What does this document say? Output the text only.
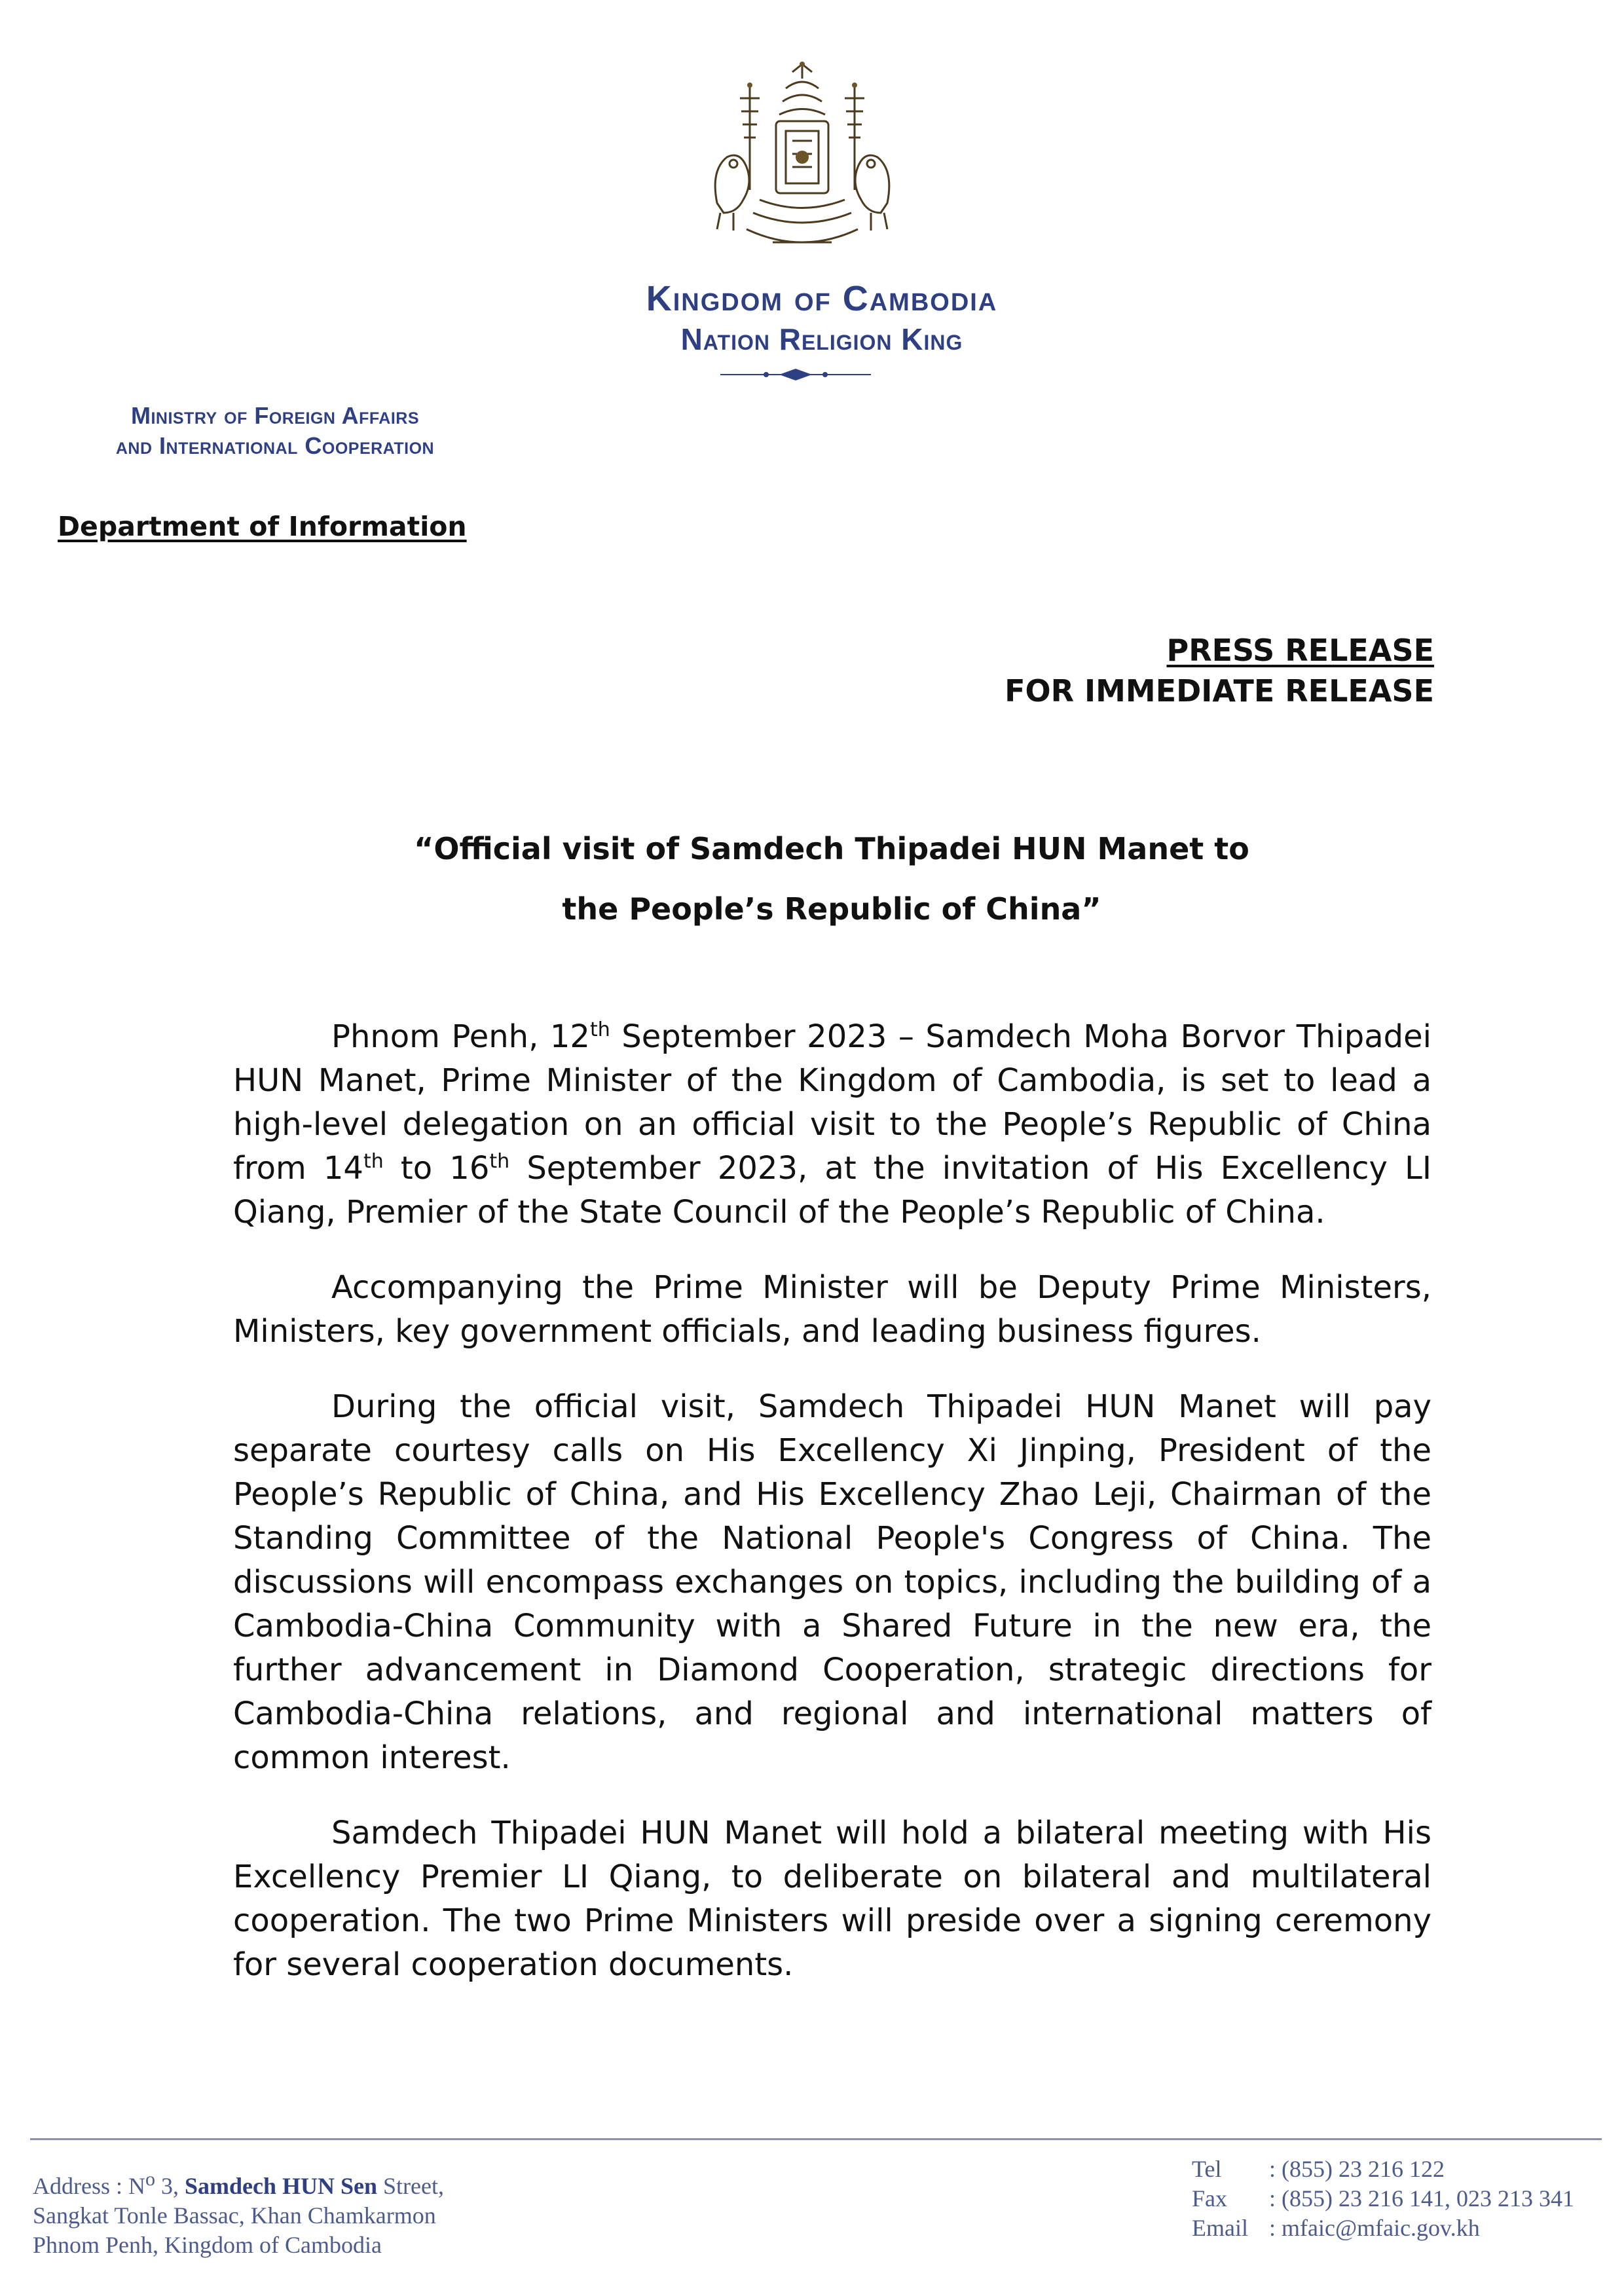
Kingdom of Cambodia
Nation Religion King
Ministry of Foreign Affairs
and International Cooperation
Department of Information
PRESS RELEASE
FOR IMMEDIATE RELEASE
“Official visit of Samdech Thipadei HUN Manet to
the People’s Republic of China”

Phnom Penh, 12th September 2023 – Samdech Moha Borvor Thipadei HUN Manet, Prime Minister of the Kingdom of Cambodia, is set to lead a high-level delegation on an official visit to the People’s Republic of China from 14th to 16th September 2023, at the invitation of His Excellency LI Qiang, Premier of the State Council of the People’s Republic of China.

Accompanying the Prime Minister will be Deputy Prime Ministers, Ministers, key government officials, and leading business figures.

During the official visit, Samdech Thipadei HUN Manet will pay separate courtesy calls on His Excellency Xi Jinping, President of the People’s Republic of China, and His Excellency Zhao Leji, Chairman of the Standing Committee of the National People's Congress of China. The discussions will encompass exchanges on topics, including the building of a Cambodia-China Community with a Shared Future in the new era, the further advancement in Diamond Cooperation, strategic directions for Cambodia-China relations, and regional and international matters of common interest.

Samdech Thipadei HUN Manet will hold a bilateral meeting with His Excellency Premier LI Qiang, to deliberate on bilateral and multilateral cooperation. The two Prime Ministers will preside over a signing ceremony for several cooperation documents.

Address : $N^o$ 3, Samdech HUN Sen Street,
Sangkat Tonle Bassac, Khan Chamkarmon
Phnom Penh, Kingdom of Cambodia
Tel	: (855) 23 216 122
Fax	: (855) 23 216 141, 023 213 341
Email : mfaic@mfaic.gov.kh
